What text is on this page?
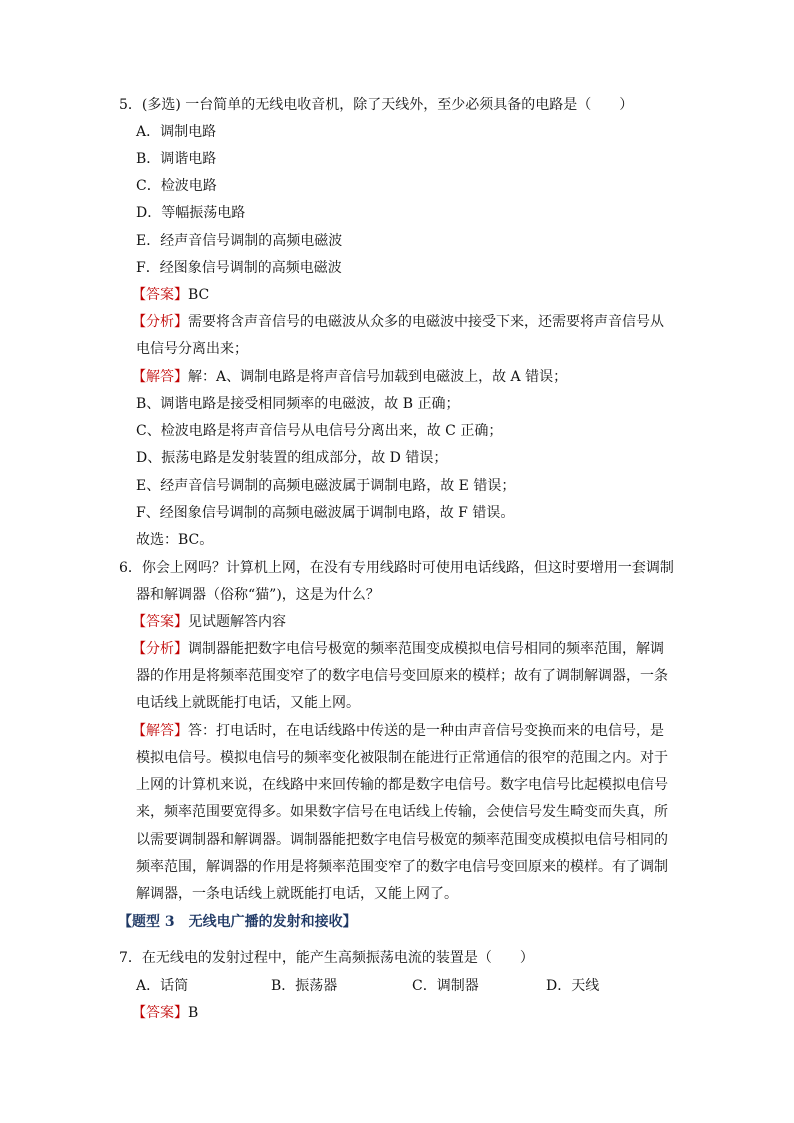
5．(多选) 一台简单的无线电收音机，除了天线外，至少必须具备的电路是（　　）
A．调制电路
B．调谐电路
C．检波电路
D．等幅振荡电路
E．经声音信号调制的高频电磁波
F．经图象信号调制的高频电磁波
【答案】BC
【分析】需要将含声音信号的电磁波从众多的电磁波中接受下来，还需要将声音信号从
电信号分离出来；
【解答】解：A、调制电路是将声音信号加载到电磁波上，故 A 错误；
B、调谐电路是接受相同频率的电磁波，故 B 正确；
C、检波电路是将声音信号从电信号分离出来，故 C 正确；
D、振荡电路是发射装置的组成部分，故 D 错误；
E、经声音信号调制的高频电磁波属于调制电路，故 E 错误；
F、经图象信号调制的高频电磁波属于调制电路，故 F 错误。
故选：BC。
6．你会上网吗？计算机上网，在没有专用线路时可使用电话线路，但这时要增用一套调制
器和解调器（俗称“猫”)，这是为什么？
【答案】见试题解答内容
【分析】调制器能把数字电信号极宽的频率范围变成模拟电信号相同的频率范围，解调
器的作用是将频率范围变窄了的数字电信号变回原来的模样；故有了调制解调器，一条
电话线上就既能打电话，又能上网。
【解答】答：打电话时，在电话线路中传送的是一种由声音信号变换而来的电信号，是
模拟电信号。模拟电信号的频率变化被限制在能进行正常通信的很窄的范围之内。对于
上网的计算机来说，在线路中来回传输的都是数字电信号。数字电信号比起模拟电信号
来，频率范围要宽得多。如果数字信号在电话线上传输，会使信号发生畸变而失真，所
以需要调制器和解调器。调制器能把数字电信号极宽的频率范围变成模拟电信号相同的
频率范围，解调器的作用是将频率范围变窄了的数字电信号变回原来的模样。有了调制
解调器，一条电话线上就既能打电话，又能上网了。
【题型 3　无线电广播的发射和接收】
7．在无线电的发射过程中，能产生高频振荡电流的装置是（　　）
A．话筒	B．振荡器	C．调制器	D．天线
【答案】B
